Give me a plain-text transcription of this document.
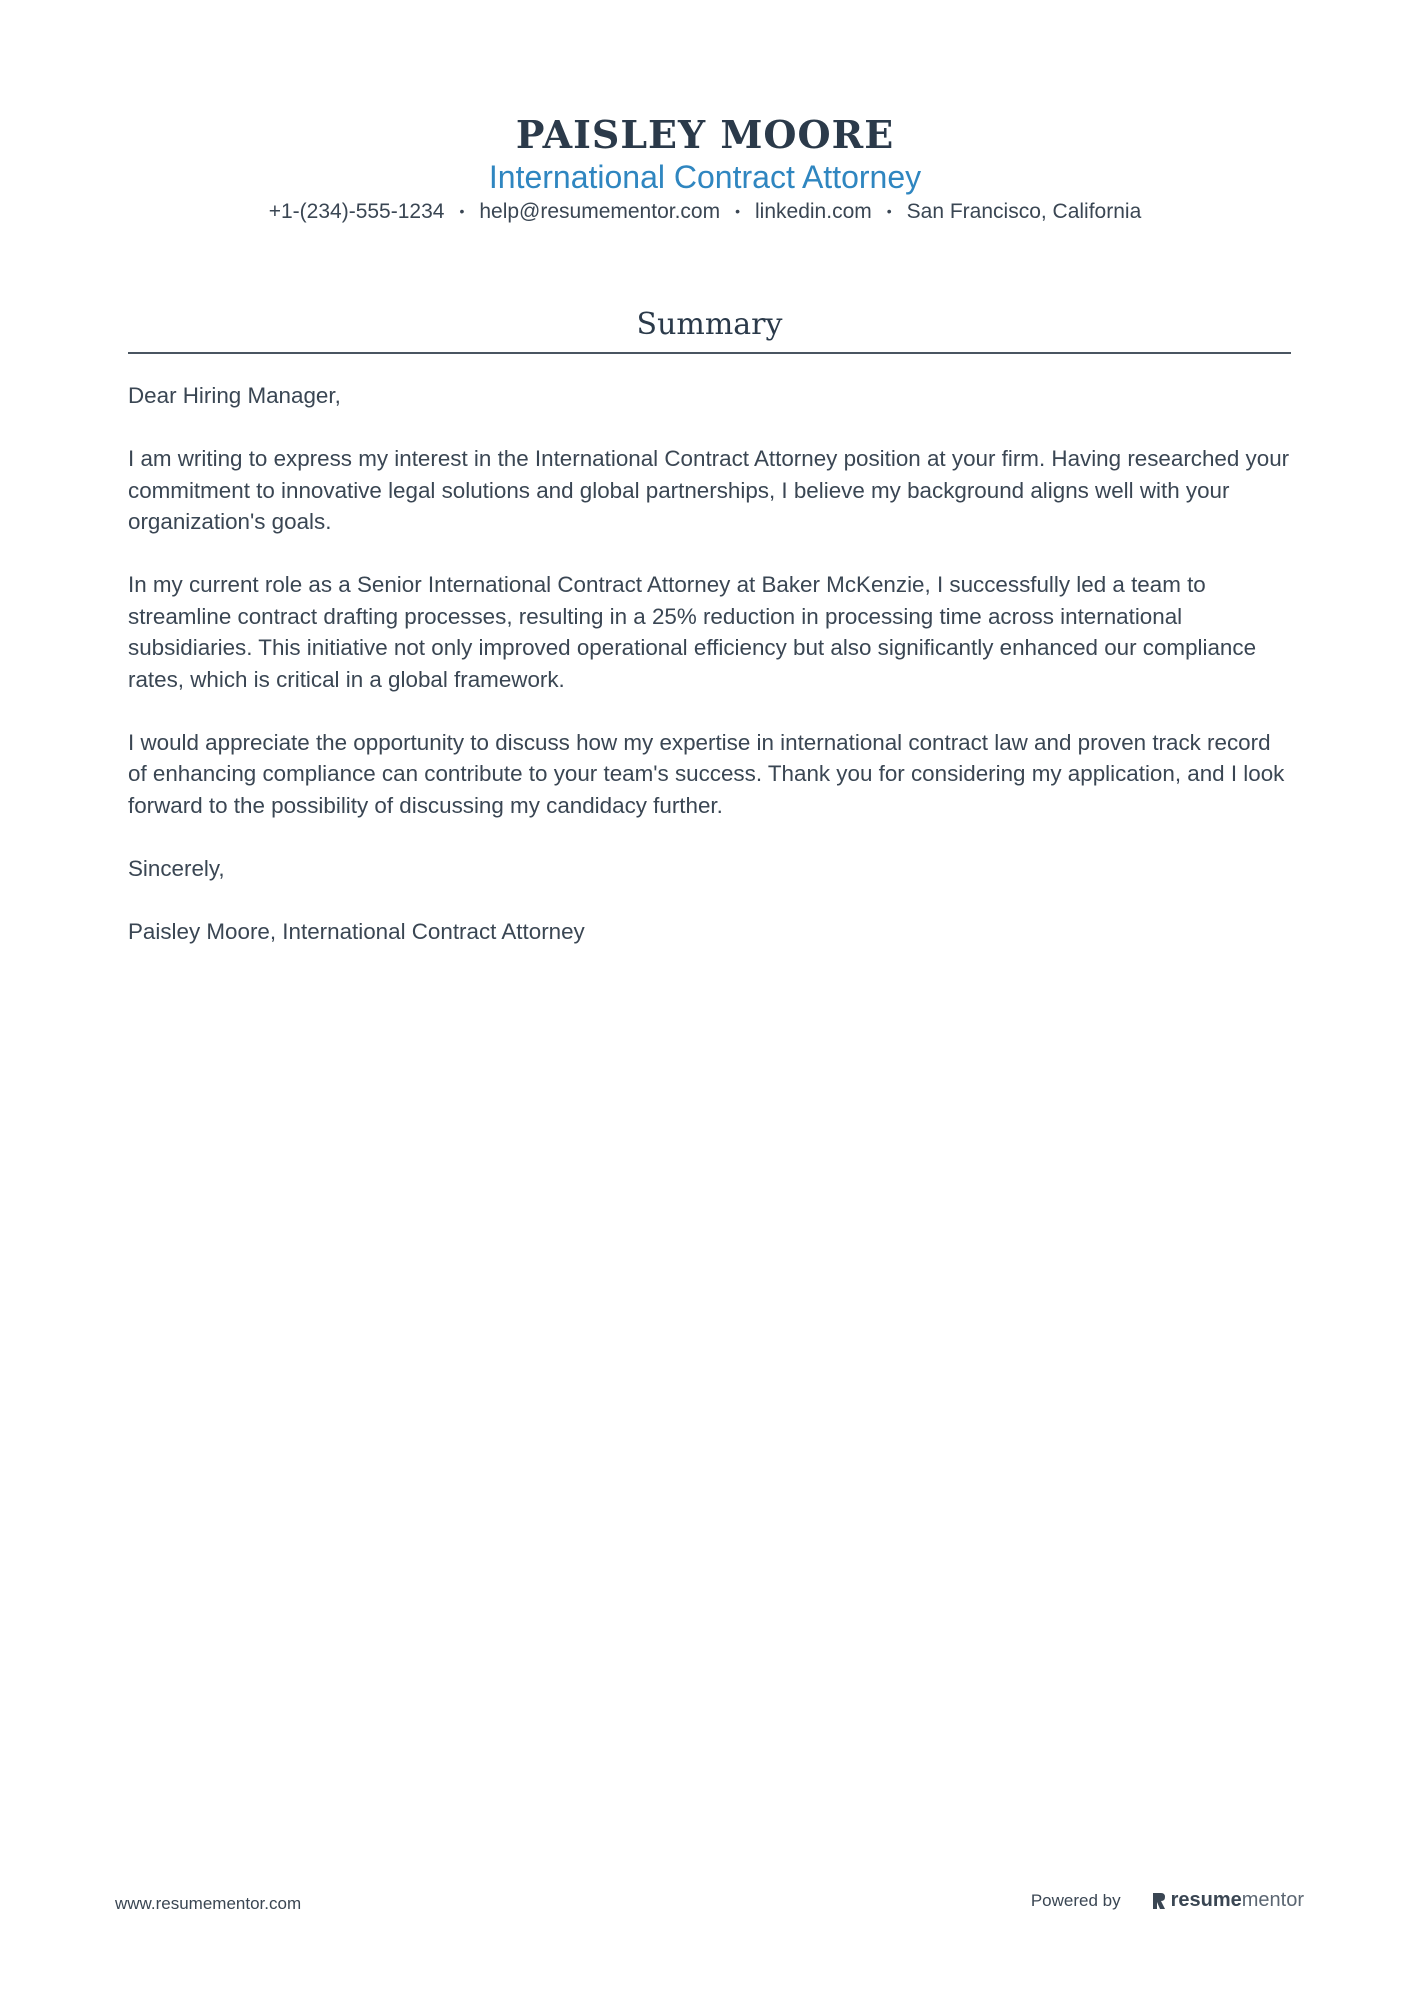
PAISLEY MOORE
International Contract Attorney
+1-(234)-555-1234 • help@resumementor.com • linkedin.com • San Francisco, California
Summary

Dear Hiring Manager,

I am writing to express my interest in the International Contract Attorney position at your firm. Having researched your commitment to innovative legal solutions and global partnerships, I believe my background aligns well with your organization's goals.

In my current role as a Senior International Contract Attorney at Baker McKenzie, I successfully led a team to streamline contract drafting processes, resulting in a 25% reduction in processing time across international subsidiaries. This initiative not only improved operational efficiency but also significantly enhanced our compliance rates, which is critical in a global framework.

I would appreciate the opportunity to discuss how my expertise in international contract law and proven track record of enhancing compliance can contribute to your team's success. Thank you for considering my application, and I look forward to the possibility of discussing my candidacy further.

Sincerely,

Paisley Moore, International Contract Attorney

www.resumementor.com	Powered by	resume mentor
